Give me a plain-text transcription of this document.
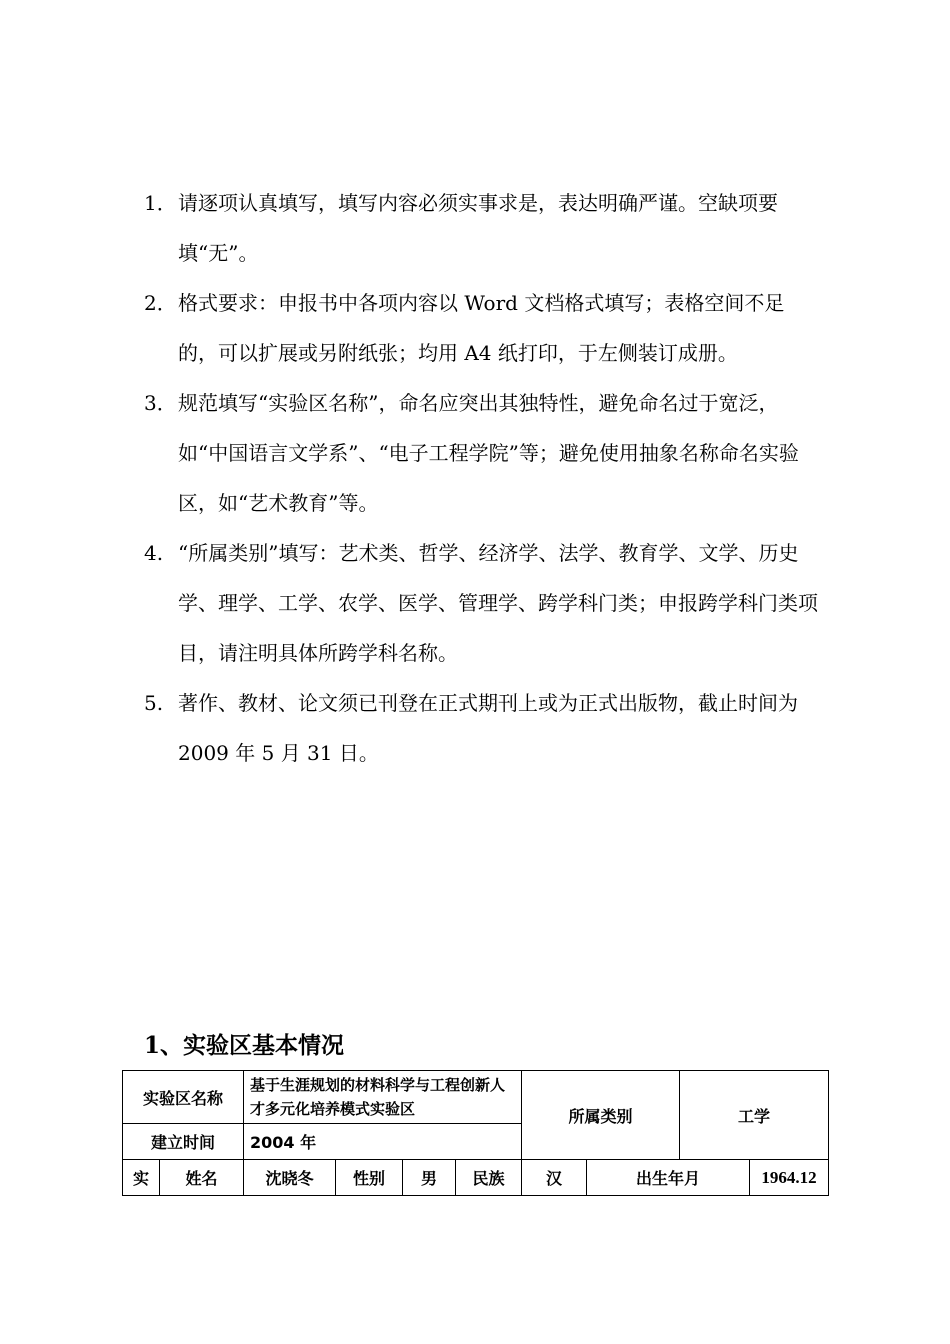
1． 请逐项认真填写，填写内容必须实事求是，表达明确严谨。空缺项要填“无”。
2． 格式要求：申报书中各项内容以 Word 文档格式填写；表格空间不足的，可以扩展或另附纸张；均用 A4 纸打印，于左侧装订成册。
3． 规范填写“实验区名称”，命名应突出其独特性，避免命名过于宽泛，如“中国语言文学系”、“电子工程学院”等；避免使用抽象名称命名实验区，如“艺术教育”等。
4. “所属类别”填写：艺术类、哲学、经济学、法学、教育学、文学、历史学、理学、工学、农学、医学、管理学、跨学科门类；申报跨学科门类项目，请注明具体所跨学科名称。
5. 著作、教材、论文须已刊登在正式期刊上或为正式出版物，截止时间为 2009 年 5 月 31 日。
1、实验区基本情况
实验区名称		基于生涯规划的材料科学与工程创新人才多元化培养模式实验区				所属类别		工学	
建立时间		2004 年							
实	姓名	沈晓冬	性别	男	民族	汉	出生年月		1964.12
